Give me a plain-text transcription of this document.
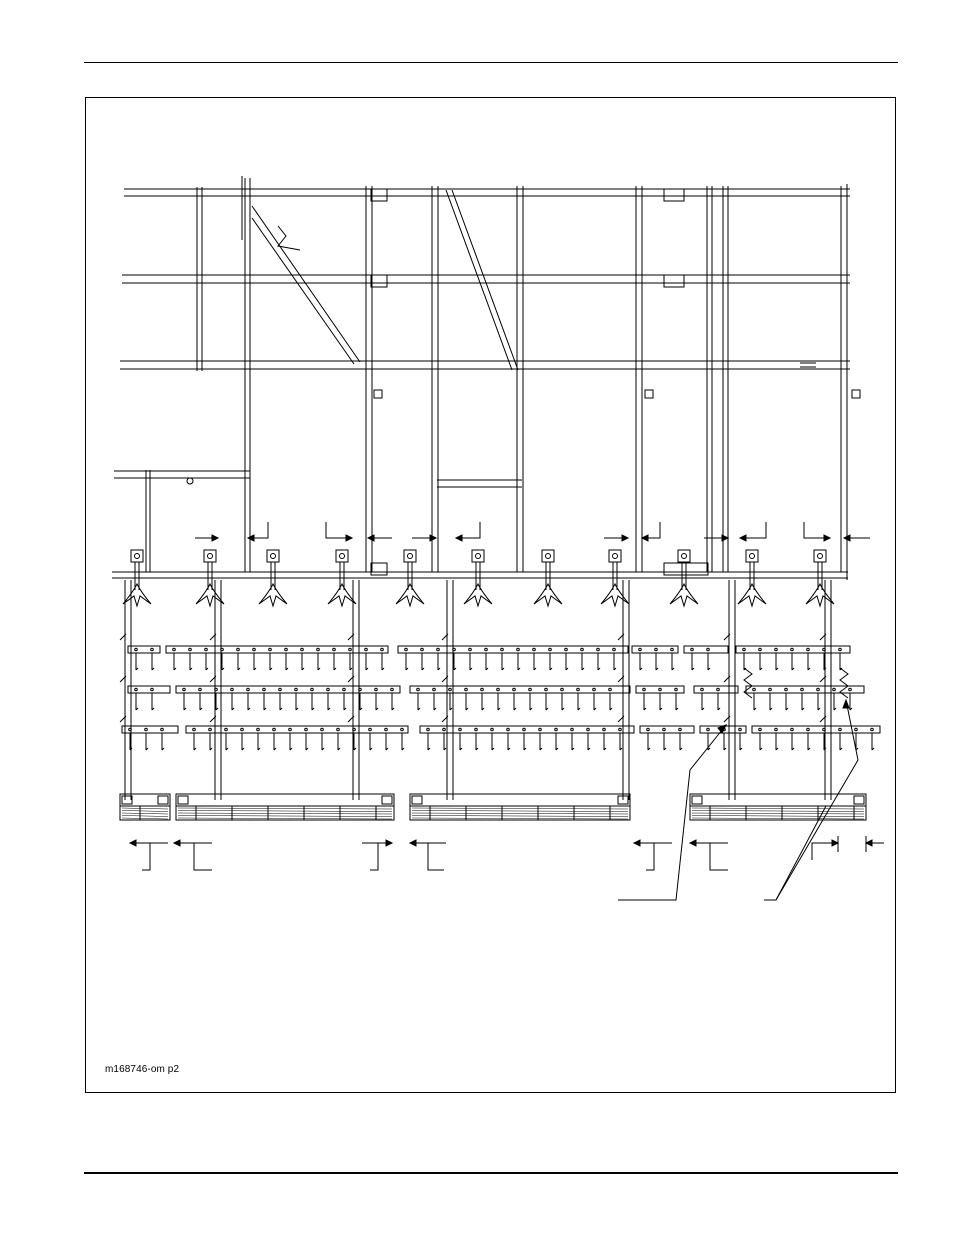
m168746-om p2
